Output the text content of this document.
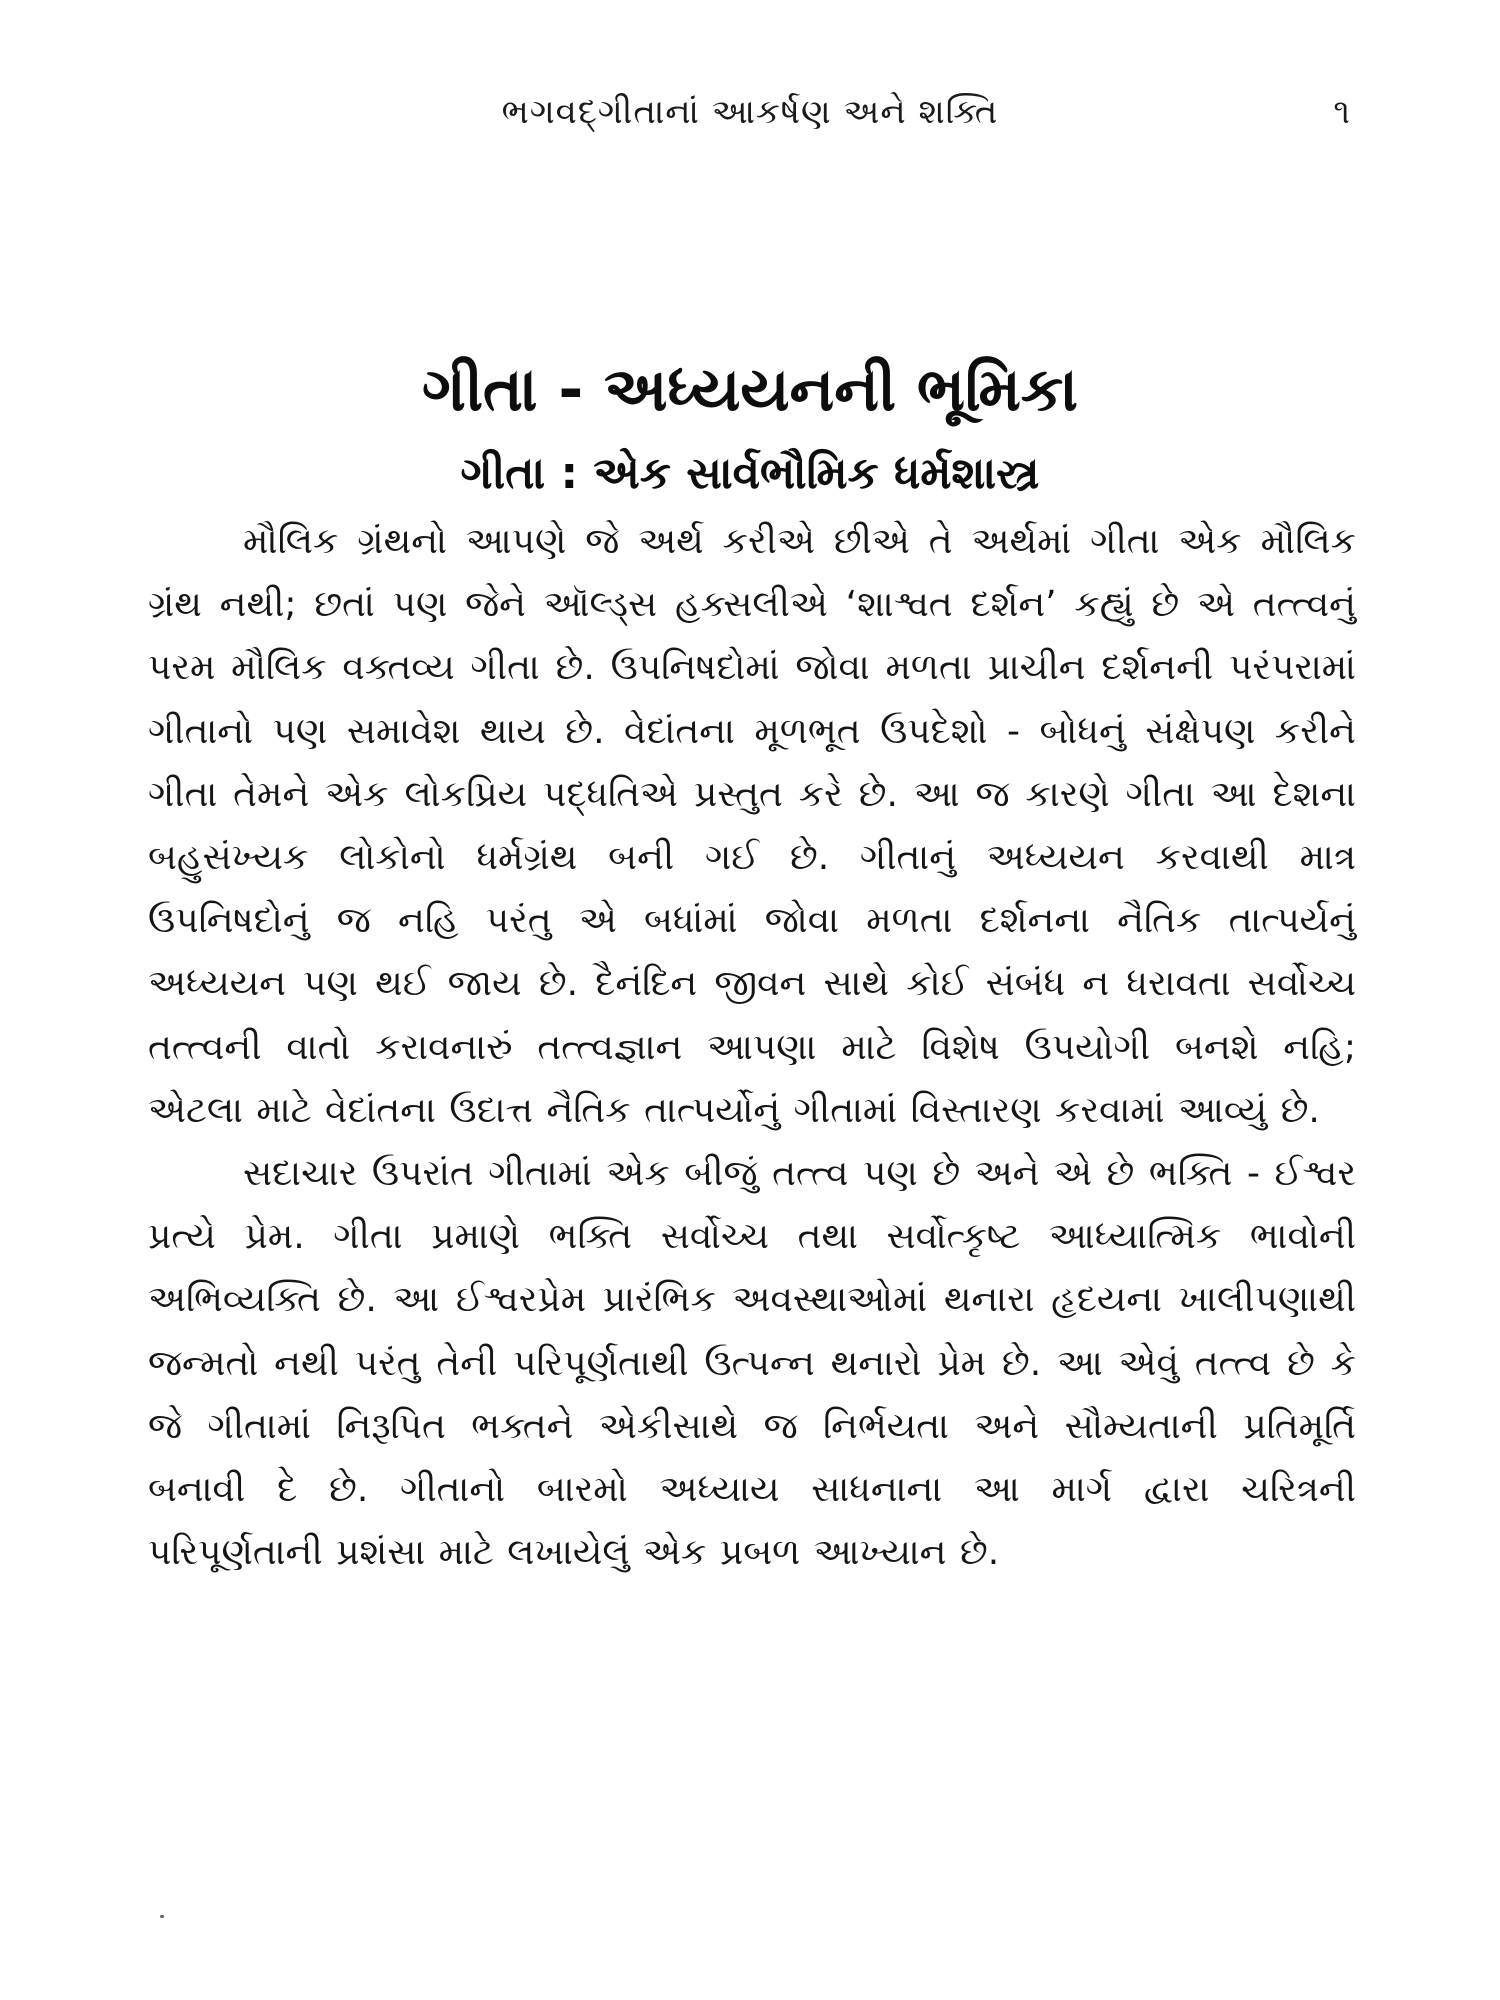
ભગવદ્‌ગીતાનાં આકર્ષણ અને શક્તિ	૧
ગીતા - અધ્યયનની ભૂમિકા
ગીતા : એક સાર્વભૌમિક ધર્મશાસ્ત્ર

મૌલિક ગ્રંથનો આપણે જે અર્થ કરીએ છીએ તે અર્થમાં ગીતા એક મૌલિક ગ્રંથ નથી; છતાં પણ જેને ઑલ્ડ્સ હક્સલીએ ‘શાશ્વત દર્શન’ કહ્યું છે એ તત્ત્વનું પરમ મૌલિક વક્તવ્ય ગીતા છે. ઉપનિષદોમાં જોવા મળતા પ્રાચીન દર્શનની પરંપરામાં ગીતાનો પણ સમાવેશ થાય છે. વેદાંતના મૂળભૂત ઉપદેશો - બોધનું સંક્ષેપણ કરીને ગીતા તેમને એક લોકપ્રિય પદ્ધતિએ પ્રસ્તુત કરે છે. આ જ કારણે ગીતા આ દેશના બહુસંખ્યક લોકોનો ધર્મગ્રંથ બની ગઈ છે. ગીતાનું અધ્યયન કરવાથી માત્ર ઉપનિષદોનું જ નહિ પરંતુ એ બધાંમાં જોવા મળતા દર્શનના નૈતિક તાત્પર્યનું અધ્યયન પણ થઈ જાય છે. દૈનંદિન જીવન સાથે કોઈ સંબંધ ન ધરાવતા સર્વોચ્ચ તત્ત્વની વાતો કરાવનારું તત્ત્વજ્ઞાન આપણા માટે વિશેષ ઉપયોગી બનશે નહિ; એટલા માટે વેદાંતના ઉદાત્ત નૈતિક તાત્પર્યોનું ગીતામાં વિસ્તારણ કરવામાં આવ્યું છે.

સદાચાર ઉપરાંત ગીતામાં એક બીજું તત્ત્વ પણ છે અને એ છે ભક્તિ - ઈશ્વર પ્રત્યે પ્રેમ. ગીતા પ્રમાણે ભક્તિ સર્વોચ્ચ તથા સર્વોત્કૃષ્ટ આધ્યાત્મિક ભાવોની અભિવ્યક્તિ છે. આ ઈશ્વરપ્રેમ પ્રારંભિક અવસ્થાઓમાં થનારા હૃદયના ખાલીપણાથી જન્મતો નથી પરંતુ તેની પરિપૂર્ણતાથી ઉત્પન્ન થનારો પ્રેમ છે. આ એવું તત્ત્વ છે કે જે ગીતામાં નિરૂપિત ભક્તને એકીસાથે જ નિર્ભયતા અને સૌમ્યતાની પ્રતિમૂર્તિ બનાવી દે છે. ગીતાનો બારમો અધ્યાય સાધનાના આ માર્ગ દ્વારા ચરિત્રની પરિપૂર્ણતાની પ્રશંસા માટે લખાયેલું એક પ્રબળ આખ્યાન છે.
